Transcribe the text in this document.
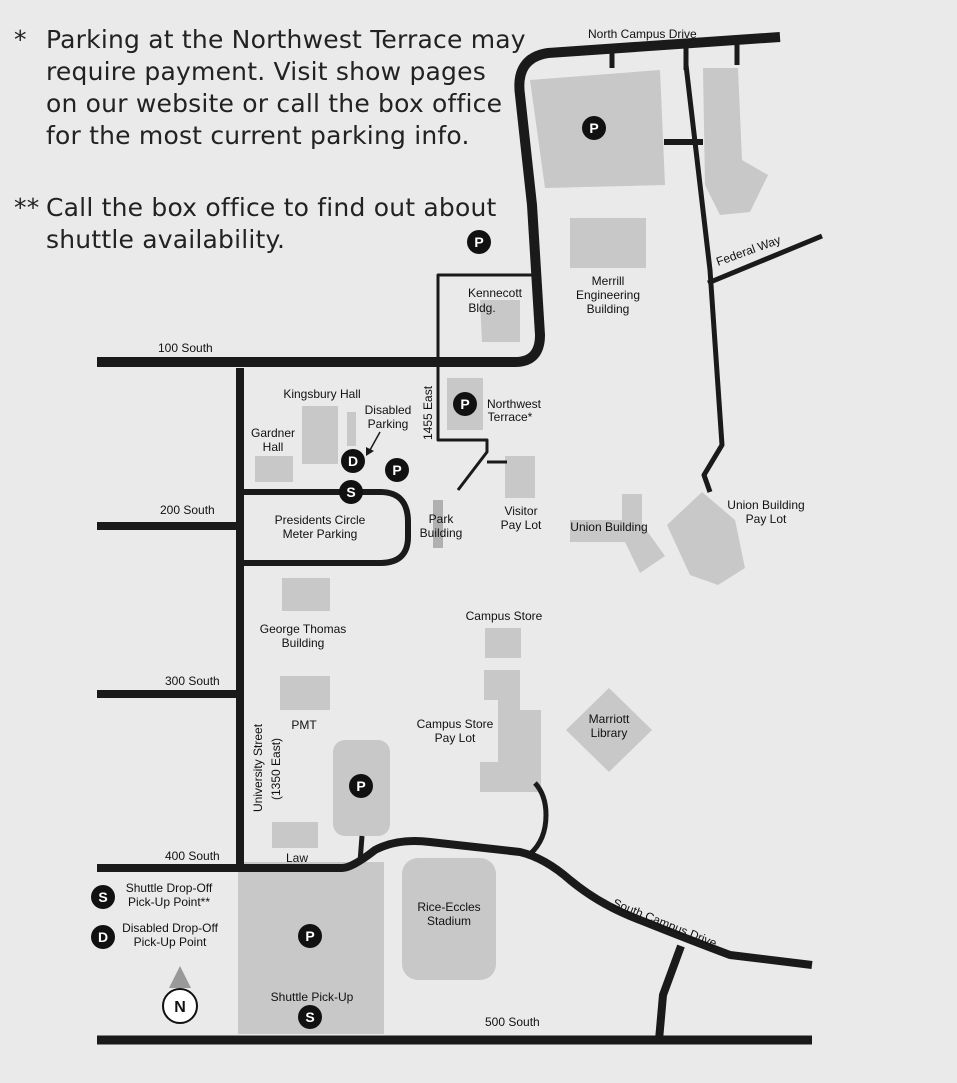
* Parking at the Northwest Terrace may
require payment. Visit show pages
on our website or call the box office
for the most current parking info.
** Call the box office to find out about
shuttle availability.
North Campus Drive
Federal Way
100 South
200 South
300 South
400 South
500 South
1455 East
University Street (1350 East)
South Campus Drive
Kennecott
Bldg.
Merrill
Engineering
Building
Kingsbury Hall
Disabled
Parking
Gardner
Hall
Northwest
Terrace*
Presidents Circle
Meter Parking
Park
Building
Visitor
Pay Lot Union Building
Union Building
Pay Lot
George Thomas
Building
Campus Store
Campus Store
Pay Lot
Marriott
Library
PMT
Law
Rice-Eccles
Stadium
Shuttle Pick-Up
P
P
P
P
P
P
D
S
S
S
Shuttle Drop-Off
Pick-Up Point**
D
Disabled Drop-Off
Pick-Up Point
N
